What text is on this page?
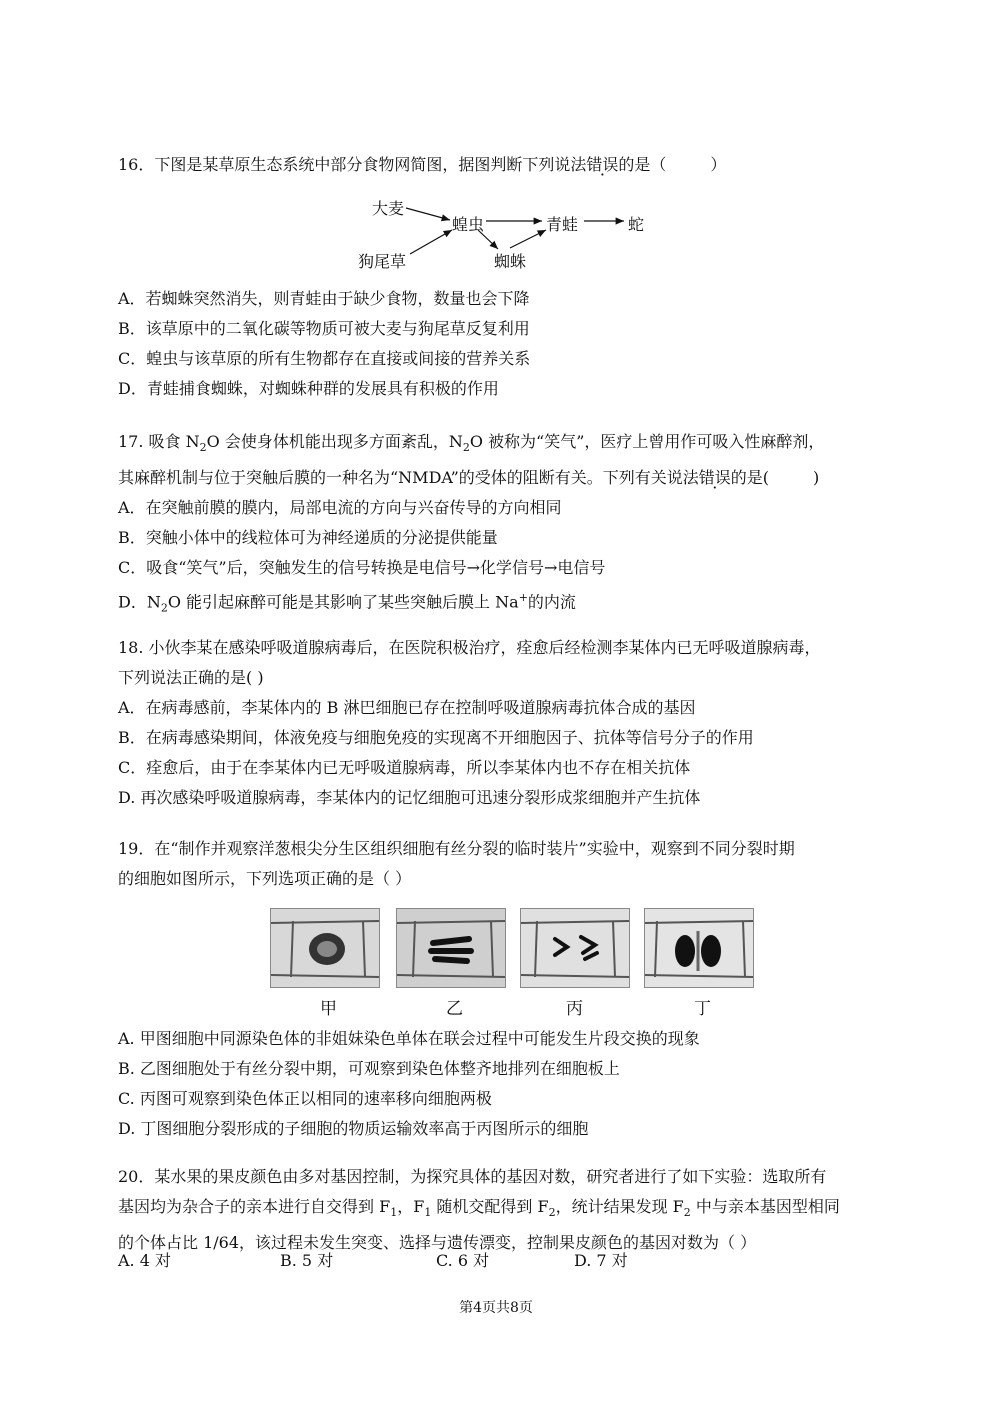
16．下图是某草原生态系统中部分食物网简图，据图判断下列说法错误的是（	）
大麦
蝗虫	青蛙	蛇
狗尾草	蜘蛛
A．若蜘蛛突然消失，则青蛙由于缺少食物，数量也会下降
B．该草原中的二氧化碳等物质可被大麦与狗尾草反复利用
C．蝗虫与该草原的所有生物都存在直接或间接的营养关系
D．青蛙捕食蜘蛛，对蜘蛛种群的发展具有积极的作用
17. 吸食 $N_2O$ 会使身体机能出现多方面紊乱，$N_2O$ 被称为“笑气”，医疗上曾用作可吸入性麻醉剂，
其麻醉机制与位于突触后膜的一种名为“NMDA”的受体的阻断有关。下列有关说法错误的是(	)
A．在突触前膜的膜内，局部电流的方向与兴奋传导的方向相同
B．突触小体中的线粒体可为神经递质的分泌提供能量
C．吸食“笑气”后，突触发生的信号转换是电信号→化学信号→电信号
D．$N_2O$ 能引起麻醉可能是其影响了某些突触后膜上 Na+的内流
18. 小伙李某在感染呼吸道腺病毒后，在医院积极治疗，痊愈后经检测李某体内已无呼吸道腺病毒，
下列说法正确的是( )
A．在病毒感前，李某体内的 B 淋巴细胞已存在控制呼吸道腺病毒抗体合成的基因
B．在病毒感染期间，体液免疫与细胞免疫的实现离不开细胞因子、抗体等信号分子的作用
C．痊愈后，由于在李某体内已无呼吸道腺病毒，所以李某体内也不存在相关抗体
D. 再次感染呼吸道腺病毒，李某体内的记忆细胞可迅速分裂形成浆细胞并产生抗体
19．在“制作并观察洋葱根尖分生区组织细胞有丝分裂的临时装片”实验中，观察到不同分裂时期
的细胞如图所示，下列选项正确的是（ ）
甲	乙	丙	丁
A. 甲图细胞中同源染色体的非姐妹染色单体在联会过程中可能发生片段交换的现象
B. 乙图细胞处于有丝分裂中期，可观察到染色体整齐地排列在细胞板上
C. 丙图可观察到染色体正以相同的速率移向细胞两极
D. 丁图细胞分裂形成的子细胞的物质运输效率高于丙图所示的细胞
20．某水果的果皮颜色由多对基因控制，为探究具体的基因对数，研究者进行了如下实验：选取所有
基因均为杂合子的亲本进行自交得到 $F_1$，$F_1$ 随机交配得到 $F_2$，统计结果发现 $F_2$ 中与亲本基因型相同
的个体占比 1/64，该过程未发生突变、选择与遗传漂变，控制果皮颜色的基因对数为（ ）
A. 4 对	B. 5 对	C. 6 对	D. 7 对
第4页共8页
